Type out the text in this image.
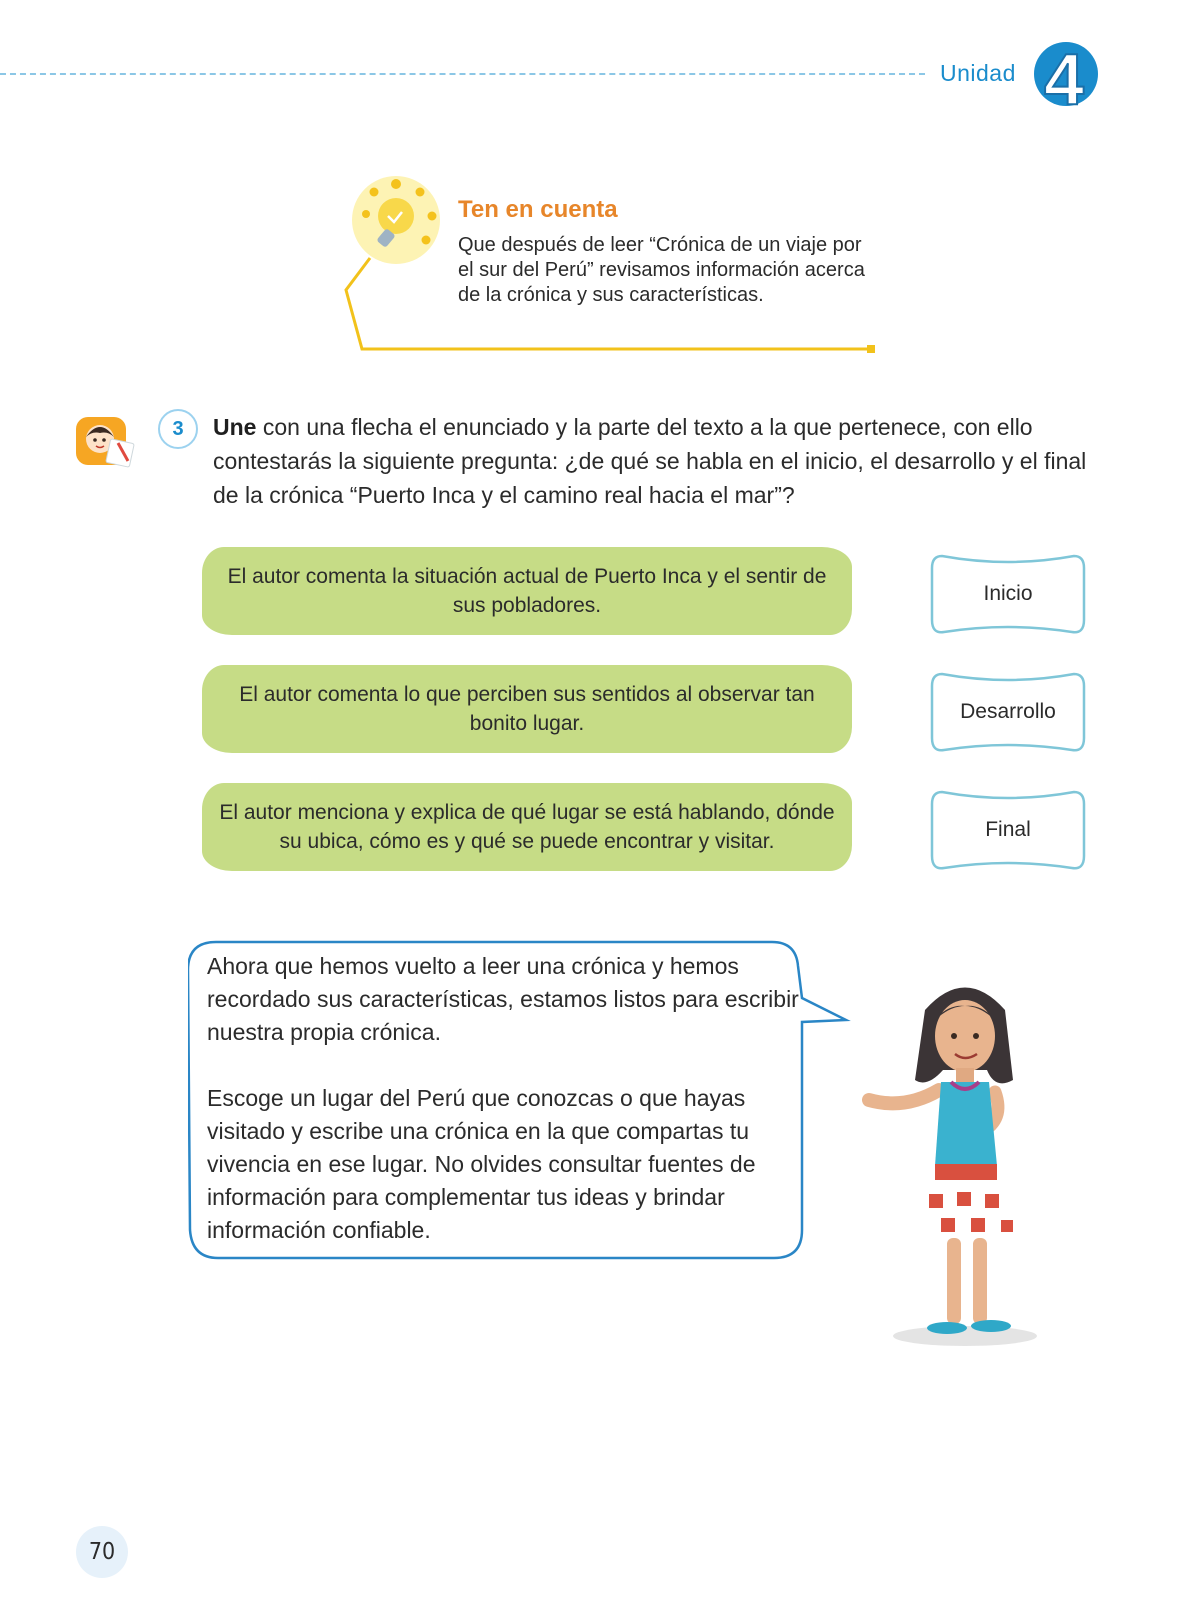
Unidad 4
Ten en cuenta
Que después de leer “Crónica de un viaje por el sur del Perú” revisamos información acerca de la crónica y sus características.
3	Une con una flecha el enunciado y la parte del texto a la que pertenece, con ello contestarás la siguiente pregunta: ¿de qué se habla en el inicio, el desarrollo y el final de la crónica “Puerto Inca y el camino real hacia el mar”?
El autor comenta la situación actual de Puerto Inca y el sentir de sus pobladores.
El autor comenta lo que perciben sus sentidos al observar tan bonito lugar.
El autor menciona y explica de qué lugar se está hablando, dónde su ubica, cómo es y qué se puede encontrar y visitar.
Inicio
Desarrollo
Final

Ahora que hemos vuelto a leer una crónica y hemos recordado sus características, estamos listos para escribir nuestra propia crónica.

Escoge un lugar del Perú que conozcas o que hayas visitado y escribe una crónica en la que compartas tu vivencia en ese lugar. No olvides consultar fuentes de información para complementar tus ideas y brindar información confiable.

70
